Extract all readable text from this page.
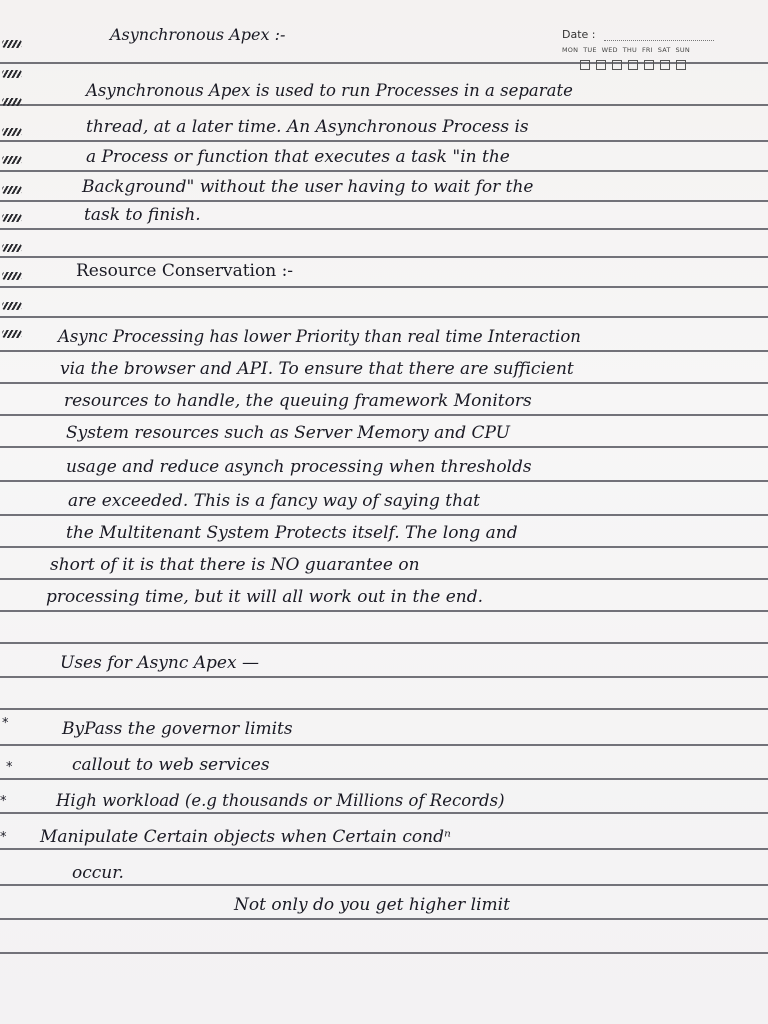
Date :
MON TUE WED THU FRI SAT SUN
Asynchronous Apex :-
Asynchronous Apex is used to run Processes in a separate
thread, at a later time. An Asynchronous Process is
a Process or function that executes a task "in the
Background" without the user having to wait for the
task to finish.
Resource Conservation :-
Async Processing has lower Priority than real time Interaction
via the browser and API. To ensure that there are sufficient
resources to handle, the queuing framework Monitors
System resources such as Server Memory and CPU
usage and reduce asynch processing when thresholds
are exceeded. This is a fancy way of saying that
the Multitenant System Protects itself. The long and
short of it is that there is NO guarantee on
processing time, but it will all work out in the end.
Uses for Async Apex —
*	ByPass the governor limits
*	callout to web services
*	High workload (e.g thousands or Millions of Records)
* Manipulate Certain objects when Certain condⁿ
occur.
Not only do you get higher limit
